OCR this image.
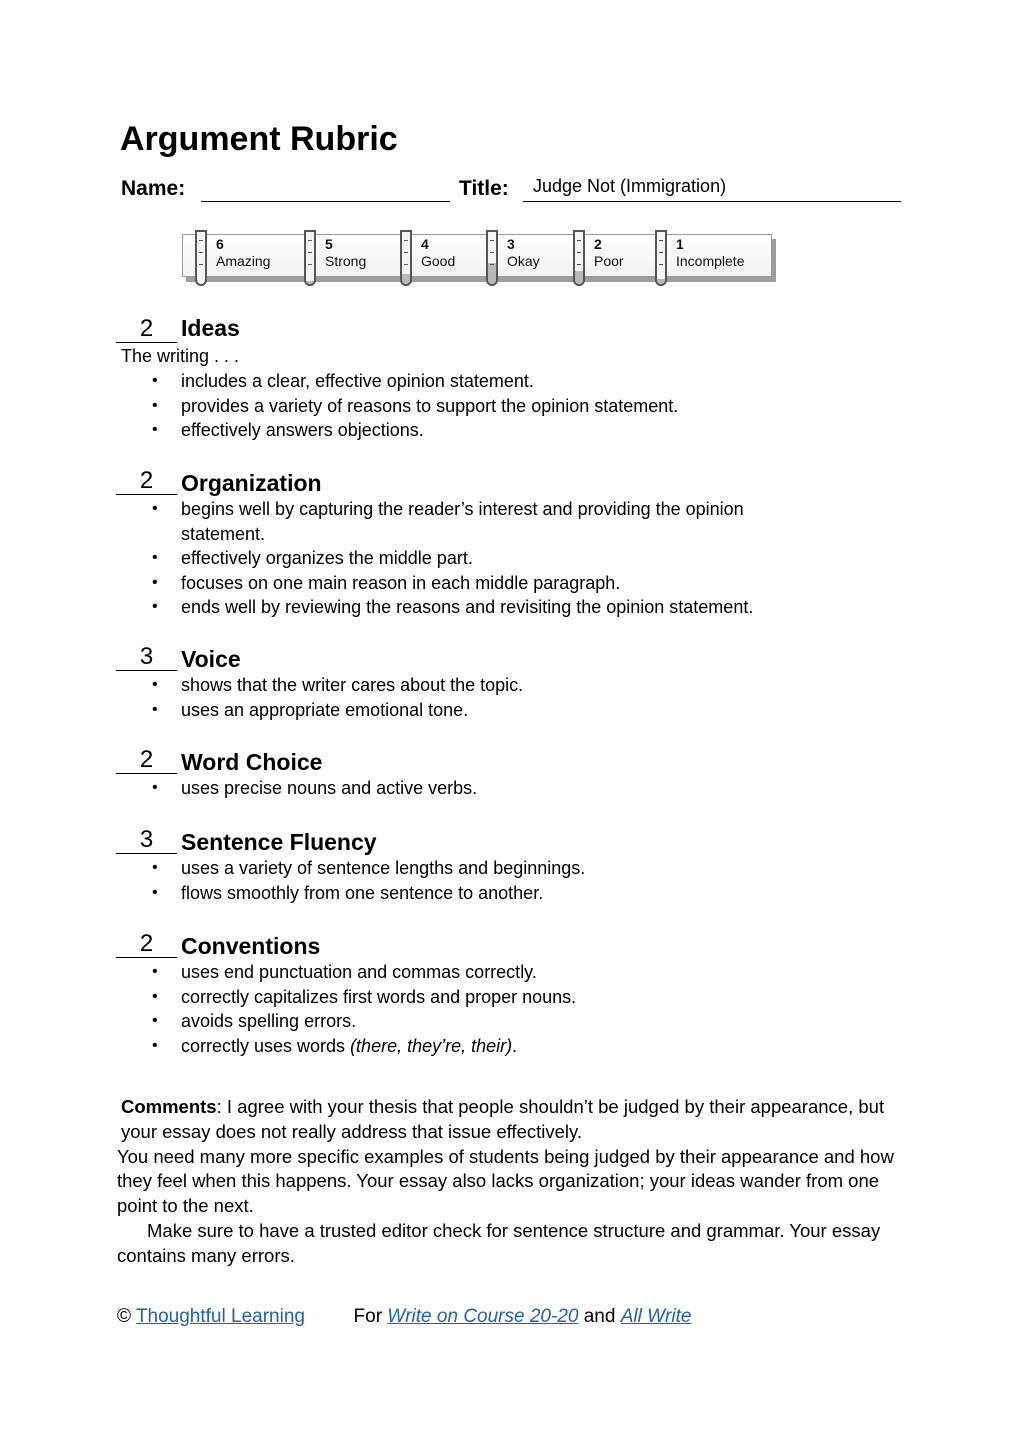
Argument Rubric
Name:	Title: Judge Not (Immigration)
6
Amazing
5
Strong
4
Good
3
Okay
2
Poor
1
Incomplete
2	Ideas
The writing . . .
• includes a clear, effective opinion statement.
• provides a variety of reasons to support the opinion statement.
• effectively answers objections.
2	Organization
• begins well by capturing the reader’s interest and providing the opinion statement.
• effectively organizes the middle part.
• focuses on one main reason in each middle paragraph.
• ends well by reviewing the reasons and revisiting the opinion statement.
3	Voice
• shows that the writer cares about the topic.
• uses an appropriate emotional tone.
2	Word Choice
• uses precise nouns and active verbs.
3	Sentence Fluency
• uses a variety of sentence lengths and beginnings.
• flows smoothly from one sentence to another.
2	Conventions
• uses end punctuation and commas correctly.
• correctly capitalizes first words and proper nouns.
• avoids spelling errors.
• correctly uses words (there, they’re, their).
Comments: I agree with your thesis that people shouldn’t be judged by their appearance, but your essay does not really address that issue effectively.
You need many more specific examples of students being judged by their appearance and how they feel when this happens. Your essay also lacks organization; your ideas wander from one point to the next.
Make sure to have a trusted editor check for sentence structure and grammar. Your essay contains many errors.
© Thoughtful Learning	For Write on Course 20-20 and All Write
